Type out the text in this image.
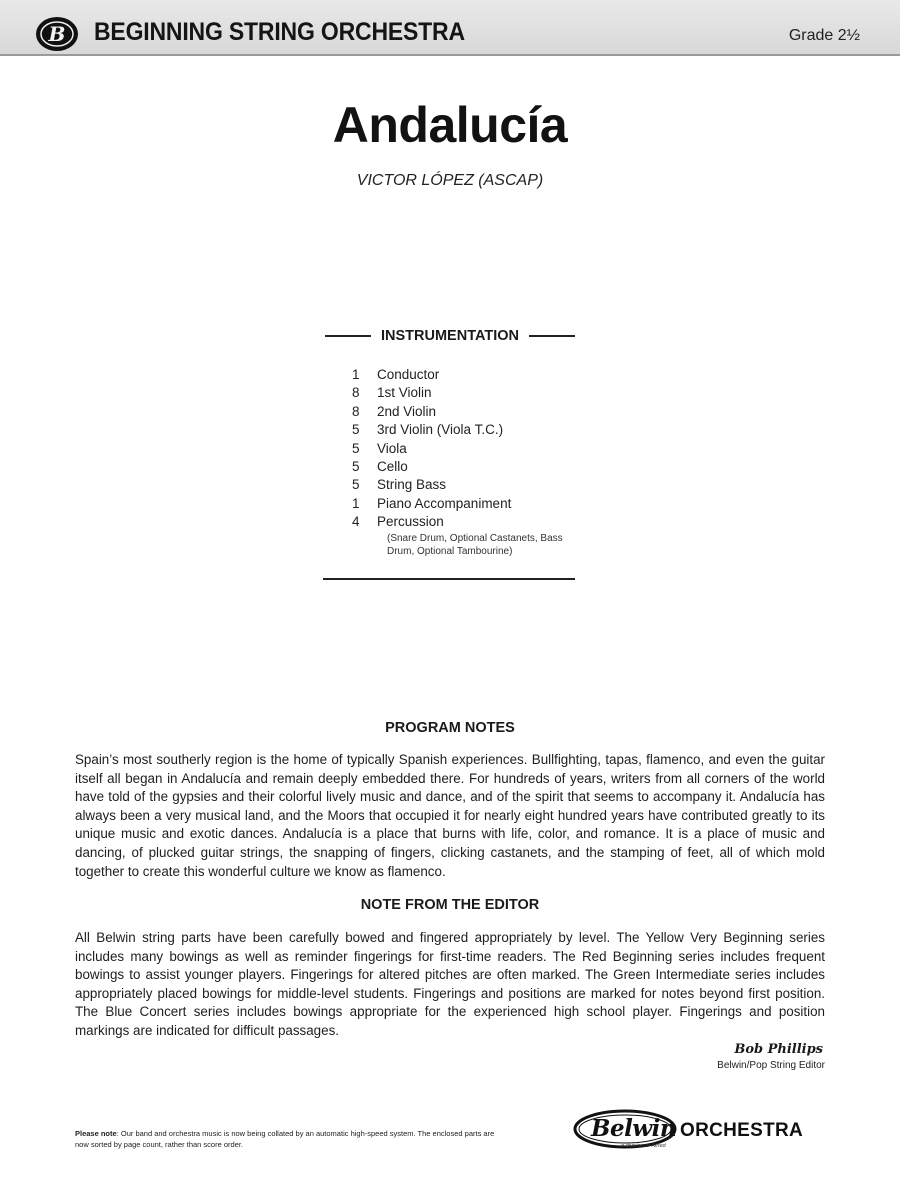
B BEGINNING STRING ORCHESTRA	Grade 2½
Andalucía
VICTOR LÓPEZ (ASCAP)
INSTRUMENTATION
1	Conductor
8	1st Violin
8	2nd Violin
5	3rd Violin (Viola T.C.)
5	Viola
5	Cello
5	String Bass
1	Piano Accompaniment
4	Percussion
(Snare Drum, Optional Castanets, Bass Drum, Optional Tambourine)
PROGRAM NOTES

Spain’s most southerly region is the home of typically Spanish experiences. Bullfighting, tapas, flamenco, and even the guitar itself all began in Andalucía and remain deeply embedded there. For hundreds of years, writers from all corners of the world have told of the gypsies and their colorful lively music and dance, and of the spirit that seems to accompany it. Andalucía has always been a very musical land, and the Moors that occupied it for nearly eight hundred years have contributed greatly to its unique music and exotic dances. Andalucía is a place that burns with life, color, and romance. It is a place of music and dancing, of plucked guitar strings, the snapping of fingers, clicking castanets, and the stamping of feet, all of which mold together to create this wonderful culture we know as flamenco.

NOTE FROM THE EDITOR

All Belwin string parts have been carefully bowed and fingered appropriately by level. The Yellow Very Beginning series includes many bowings as well as reminder fingerings for first-time readers. The Red Beginning series includes frequent bowings to assist younger players. Fingerings for altered pitches are often marked. The Green Intermediate series includes appropriately placed bowings for middle-level students. Fingerings and positions are marked for notes beyond first position. The Blue Concert series includes bowings appropriate for the experienced high school player. Fingerings and position markings are indicated for difficult passages.

Bob Phillips
Belwin/Pop String Editor
Please note: Our band and orchestra music is now being collated by an automatic high-speed system. The enclosed parts are now sorted by page count, rather than score order.
Belwin ORCHESTRA
a division of Alfred
